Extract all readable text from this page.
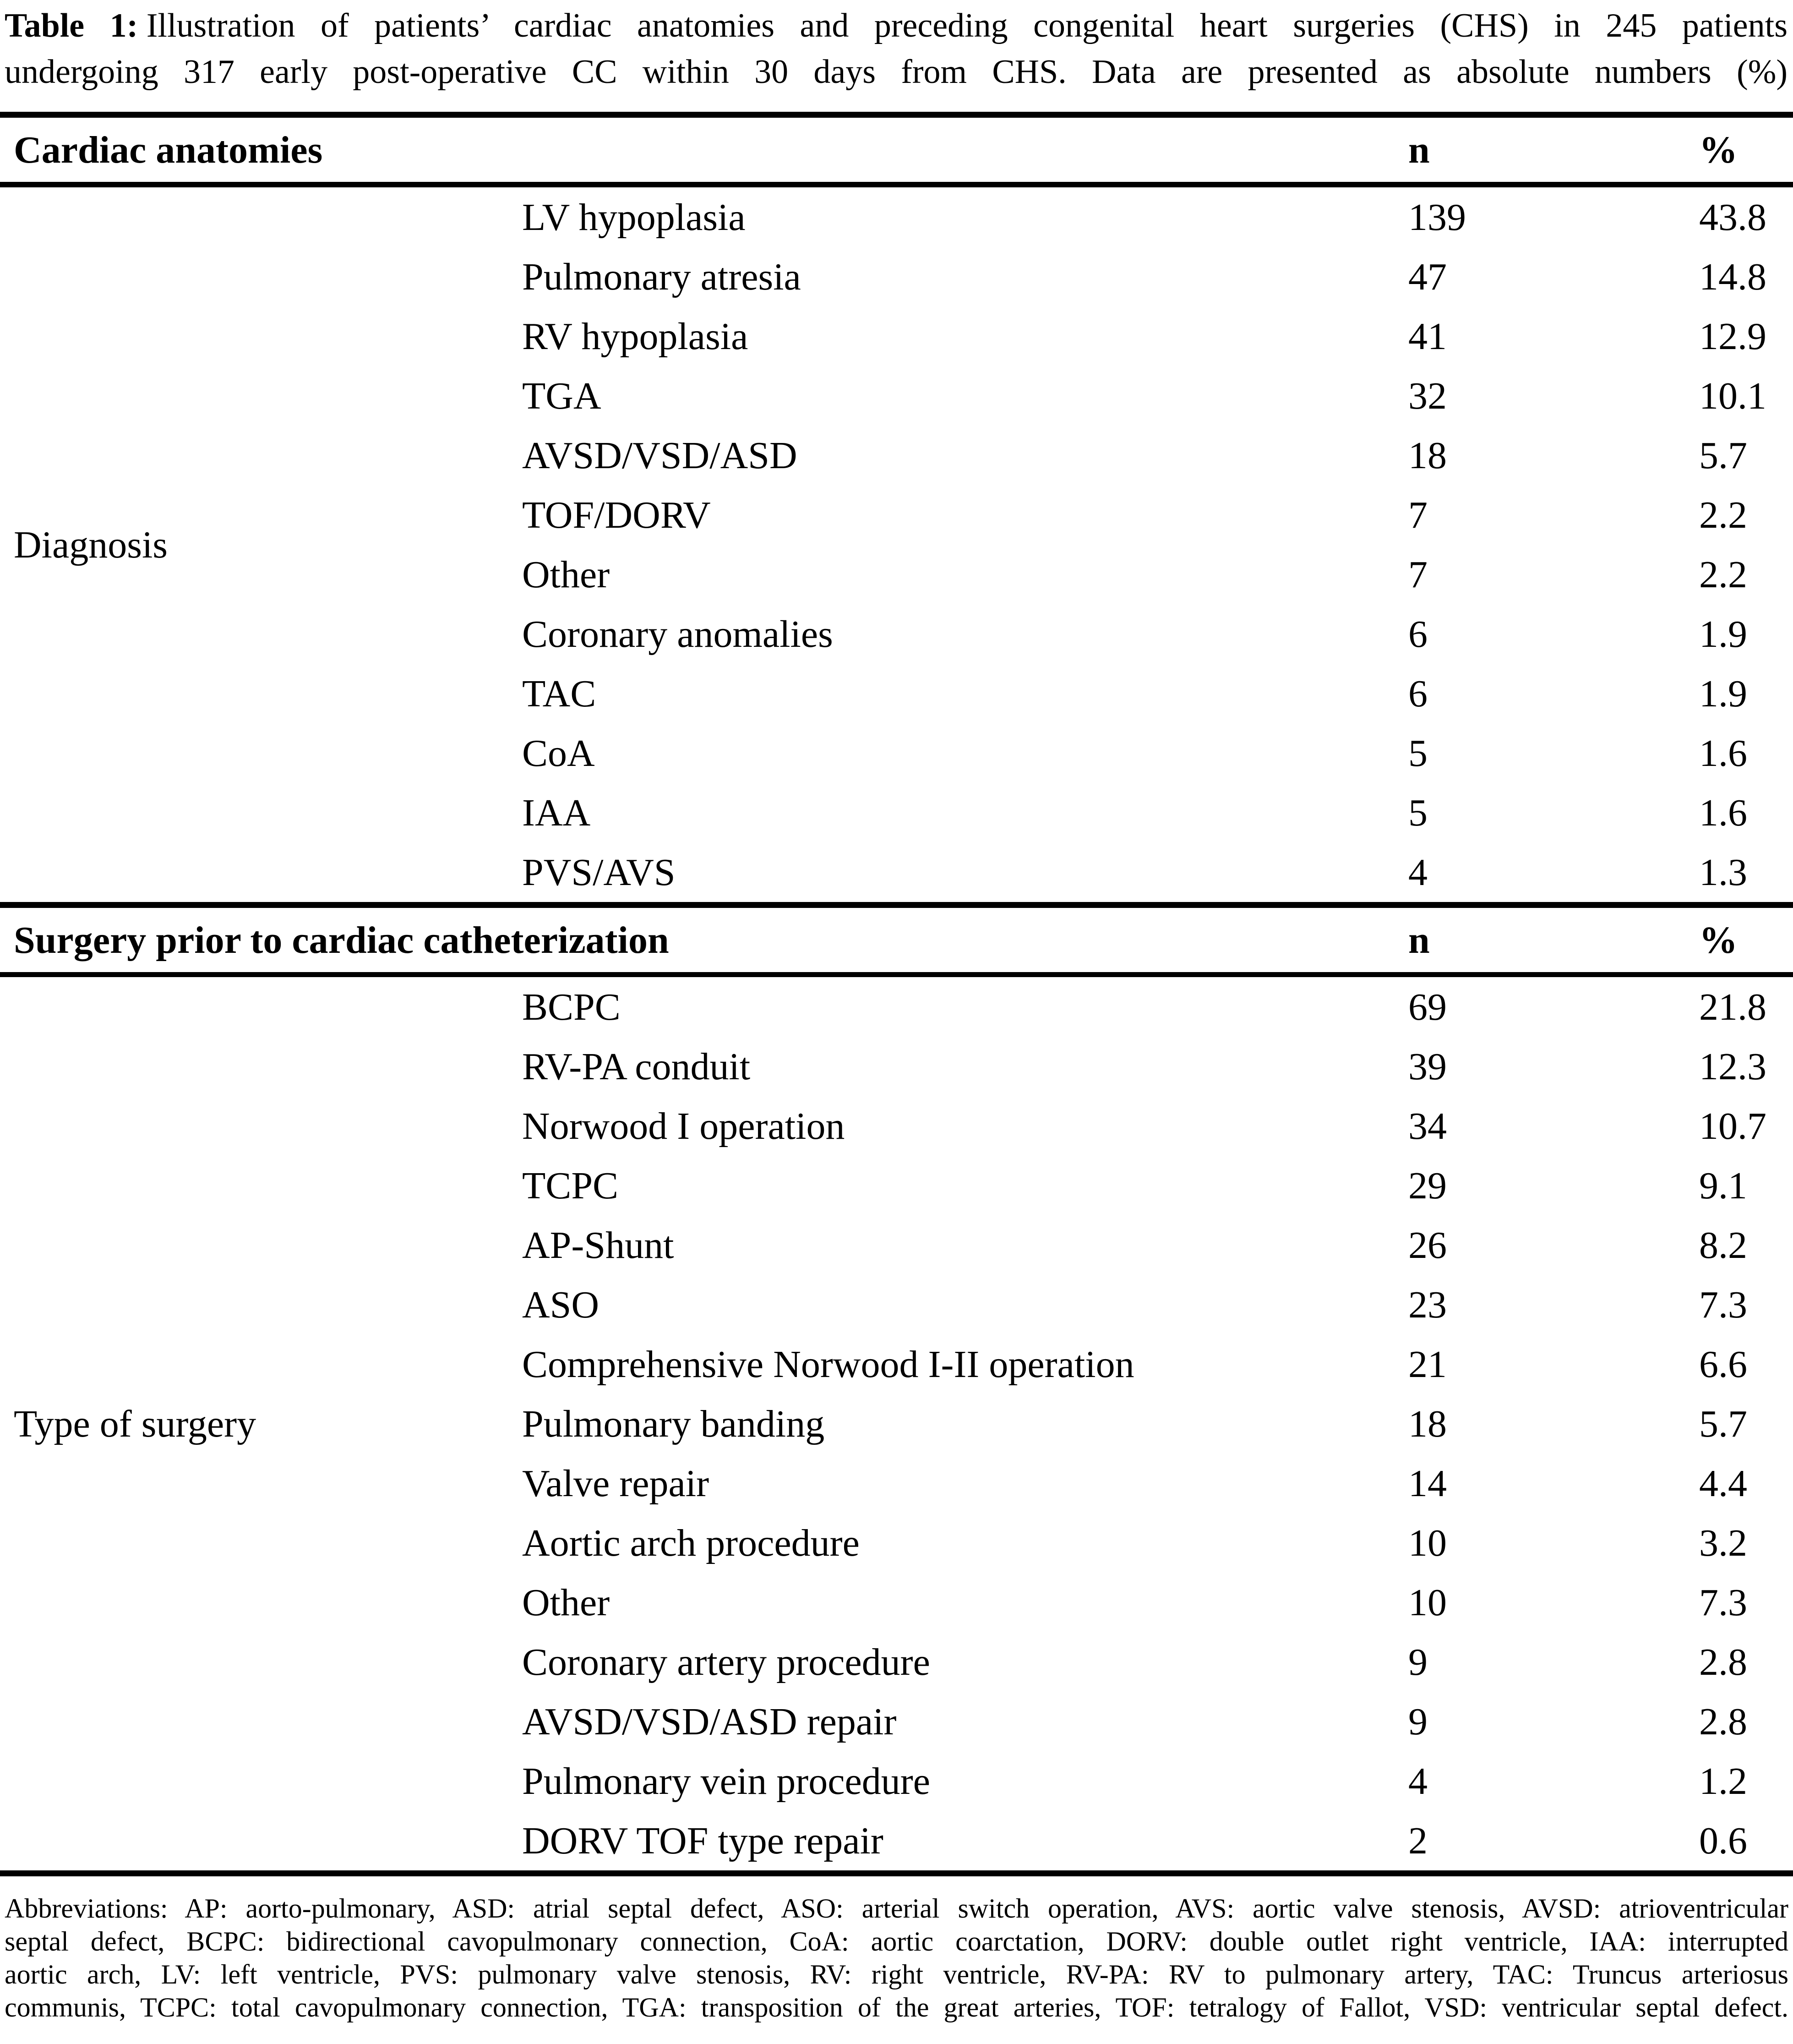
Table 1: Illustration of patients’ cardiac anatomies and preceding congenital heart surgeries (CHS) in 245 patients
undergoing 317 early post-operative CC within 30 days from CHS. Data are presented as absolute numbers (%)
Cardiac anatomies		n	%
Diagnosis	LV hypoplasia	139	43.8
	Pulmonary atresia	47	14.8
	RV hypoplasia	41	12.9
	TGA	32	10.1
	AVSD/VSD/ASD	18	5.7
	TOF/DORV	7	2.2
	Other	7	2.2
	Coronary anomalies	6	1.9
	TAC	6	1.9
	CoA	5	1.6
	IAA	5	1.6
	PVS/AVS	4	1.3
Surgery prior to cardiac catheterization		n	%
Type of surgery	BCPC	69	21.8
	RV-PA conduit	39	12.3
	Norwood I operation	34	10.7
	TCPC	29	9.1
	AP-Shunt	26	8.2
	ASO	23	7.3
	Comprehensive Norwood I-II operation	21	6.6
	Pulmonary banding	18	5.7
	Valve repair	14	4.4
	Aortic arch procedure	10	3.2
	Other	10	7.3
	Coronary artery procedure	9	2.8
	AVSD/VSD/ASD repair	9	2.8
	Pulmonary vein procedure	4	1.2
	DORV TOF type repair	2	0.6
Abbreviations: AP: aorto-pulmonary, ASD: atrial septal defect, ASO: arterial switch operation, AVS: aortic valve stenosis, AVSD: atrioventricular
septal defect, BCPC: bidirectional cavopulmonary connection, CoA: aortic coarctation, DORV: double outlet right ventricle, IAA: interrupted
aortic arch, LV: left ventricle, PVS: pulmonary valve stenosis, RV: right ventricle, RV-PA: RV to pulmonary artery, TAC: Truncus arteriosus
communis, TCPC: total cavopulmonary connection, TGA: transposition of the great arteries, TOF: tetralogy of Fallot, VSD: ventricular septal defect.
